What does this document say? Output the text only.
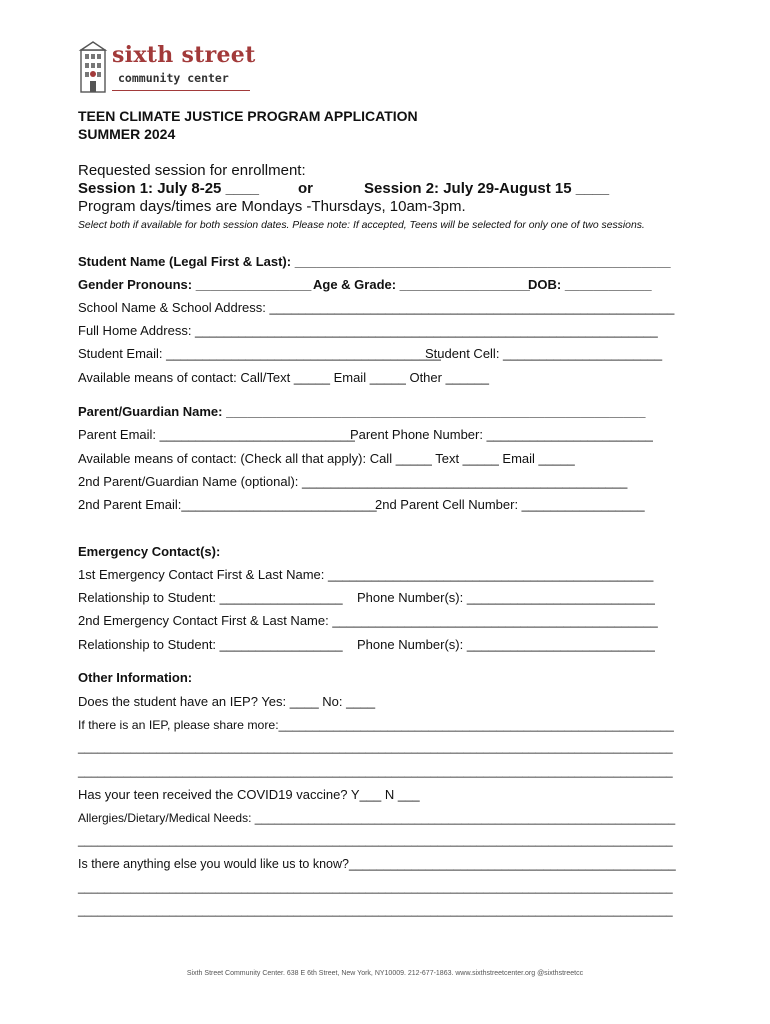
sixth street
community center
TEEN CLIMATE JUSTICE PROGRAM APPLICATION
SUMMER 2024
Requested session for enrollment:
Session 1: July 8-25 ____	or	Session 2: July 29-August 15 ____
Program days/times are Mondays -Thursdays, 10am-3pm.
Select both if available for both session dates. Please note: If accepted, Teens will be selected for only one of two sessions.
Student Name (Legal First & Last): ____________________________________________________
Gender Pronouns: ________________ Age & Grade: __________________
DOB: ____________
School Name & School Address: ________________________________________________________
Full Home Address: ________________________________________________________________
Student Email: ______________________________________
Student Cell: ______________________
Available means of contact: Call/Text _____ Email _____ Other ______
Parent/Guardian Name: __________________________________________________________
Parent Email: ___________________________
Parent Phone Number: _______________________
Available means of contact: (Check all that apply): Call _____ Text _____ Email _____
2nd Parent/Guardian Name (optional): _____________________________________________
2nd Parent Email:___________________________
2nd Parent Cell Number: _________________
Emergency Contact(s):
1st Emergency Contact First & Last Name: _____________________________________________
Relationship to Student: _________________ Phone Number(s): __________________________
2nd Emergency Contact First & Last Name: _____________________________________________
Relationship to Student: _________________ Phone Number(s): __________________________
Other Information:
Does the student have an IEP? Yes: ____ No: ____
If there is an IEP, please share more:__________________________________________________________
___________________________________________________________________________________________
___________________________________________________________________________________________
Has your teen received the COVID19 vaccine? Y___ N ___
Allergies/Dietary/Medical Needs: _______________________________________________________________
___________________________________________________________________________________________
Is there anything else you would like us to know?_______________________________________________
___________________________________________________________________________________________
___________________________________________________________________________________________
Sixth Street Community Center. 638 E 6th Street, New York, NY10009. 212-677-1863. www.sixthstreetcenter.org @sixthstreetcc
